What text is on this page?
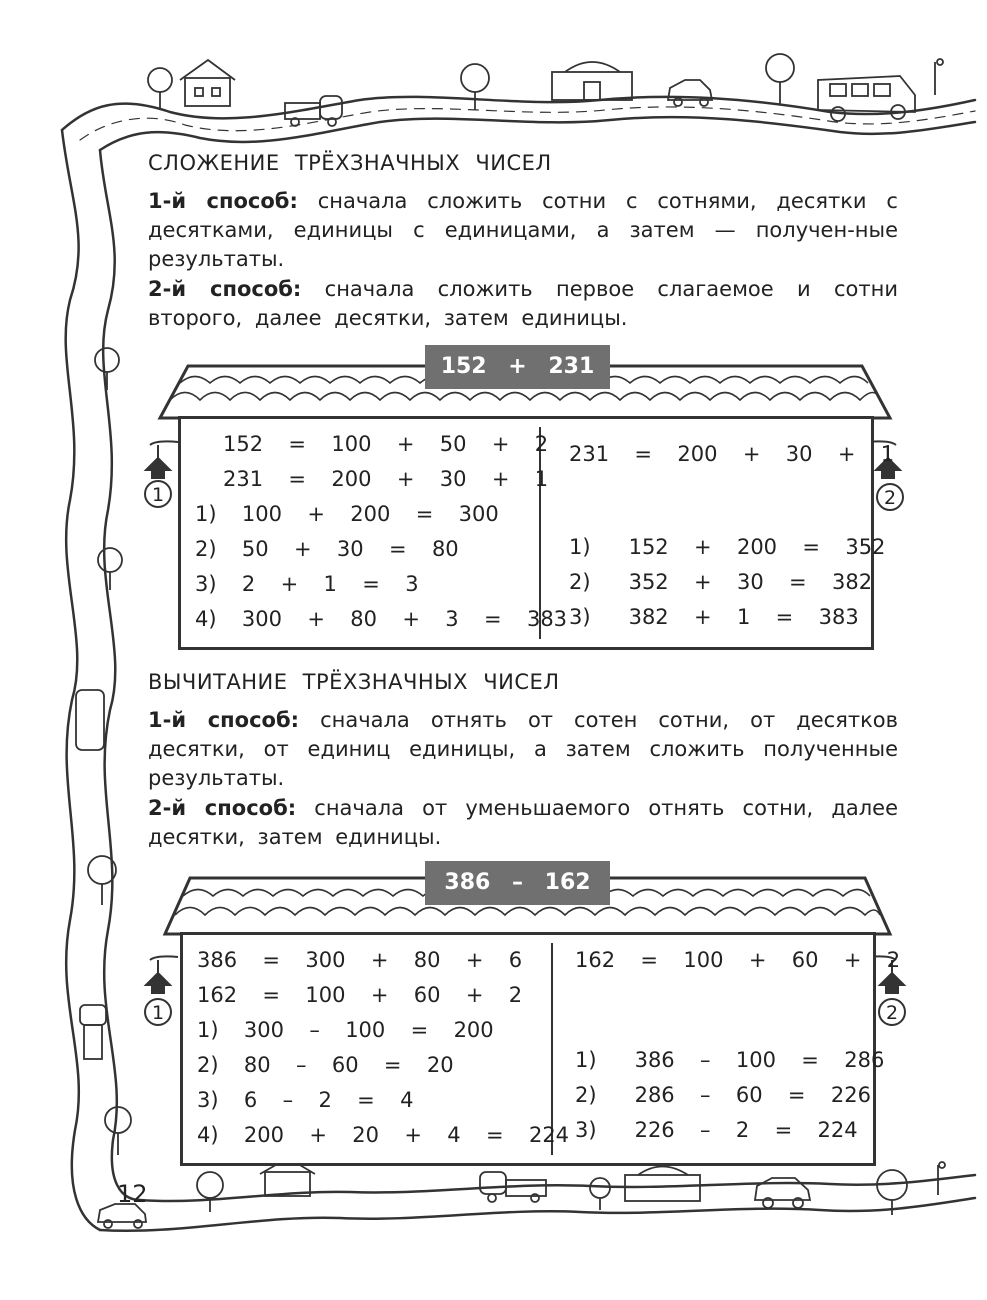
1	2
1	2
СЛОЖЕНИЕ ТРЁХЗНАЧНЫХ ЧИСЕЛ

1-й способ: сначала сложить сотни с сотнями, десятки с десятками, единицы с единицами, а затем — получен-ные результаты.

2-й способ: сначала сложить первое слагаемое и сотни второго, далее десятки, затем единицы.

152 + 231
152  =  100  +  50  +  2
231  =  200  +  30  +  1
1)  100  +  200  =  300
2)  50  +  30  =  80
3)  2  +  1  =  3
4)  300  +  80  +  3  =  383
231  =  200  +  30  +  1
1)   152  +  200  =  352
2)   352  +  30  =  382
3)   382  +  1  =  383
ВЫЧИТАНИЕ ТРЁХЗНАЧНЫХ ЧИСЕЛ

1-й способ: сначала отнять от сотен сотни, от десятков десятки, от единиц единицы, а затем сложить полученные результаты.

2-й способ: сначала от уменьшаемого отнять сотни, далее десятки, затем единицы.

386 – 162
386  =  300  +  80  +  6
162  =  100  +  60  +  2
1)  300  –  100  =  200
2)  80  –  60  =  20
3)  6  –  2  =  4
4)  200  +  20  +  4  =  224
162  =  100  +  60  +  2
1)   386  –  100  =  286
2)   286  –  60  =  226
3)   226  –  2  =  224
12
